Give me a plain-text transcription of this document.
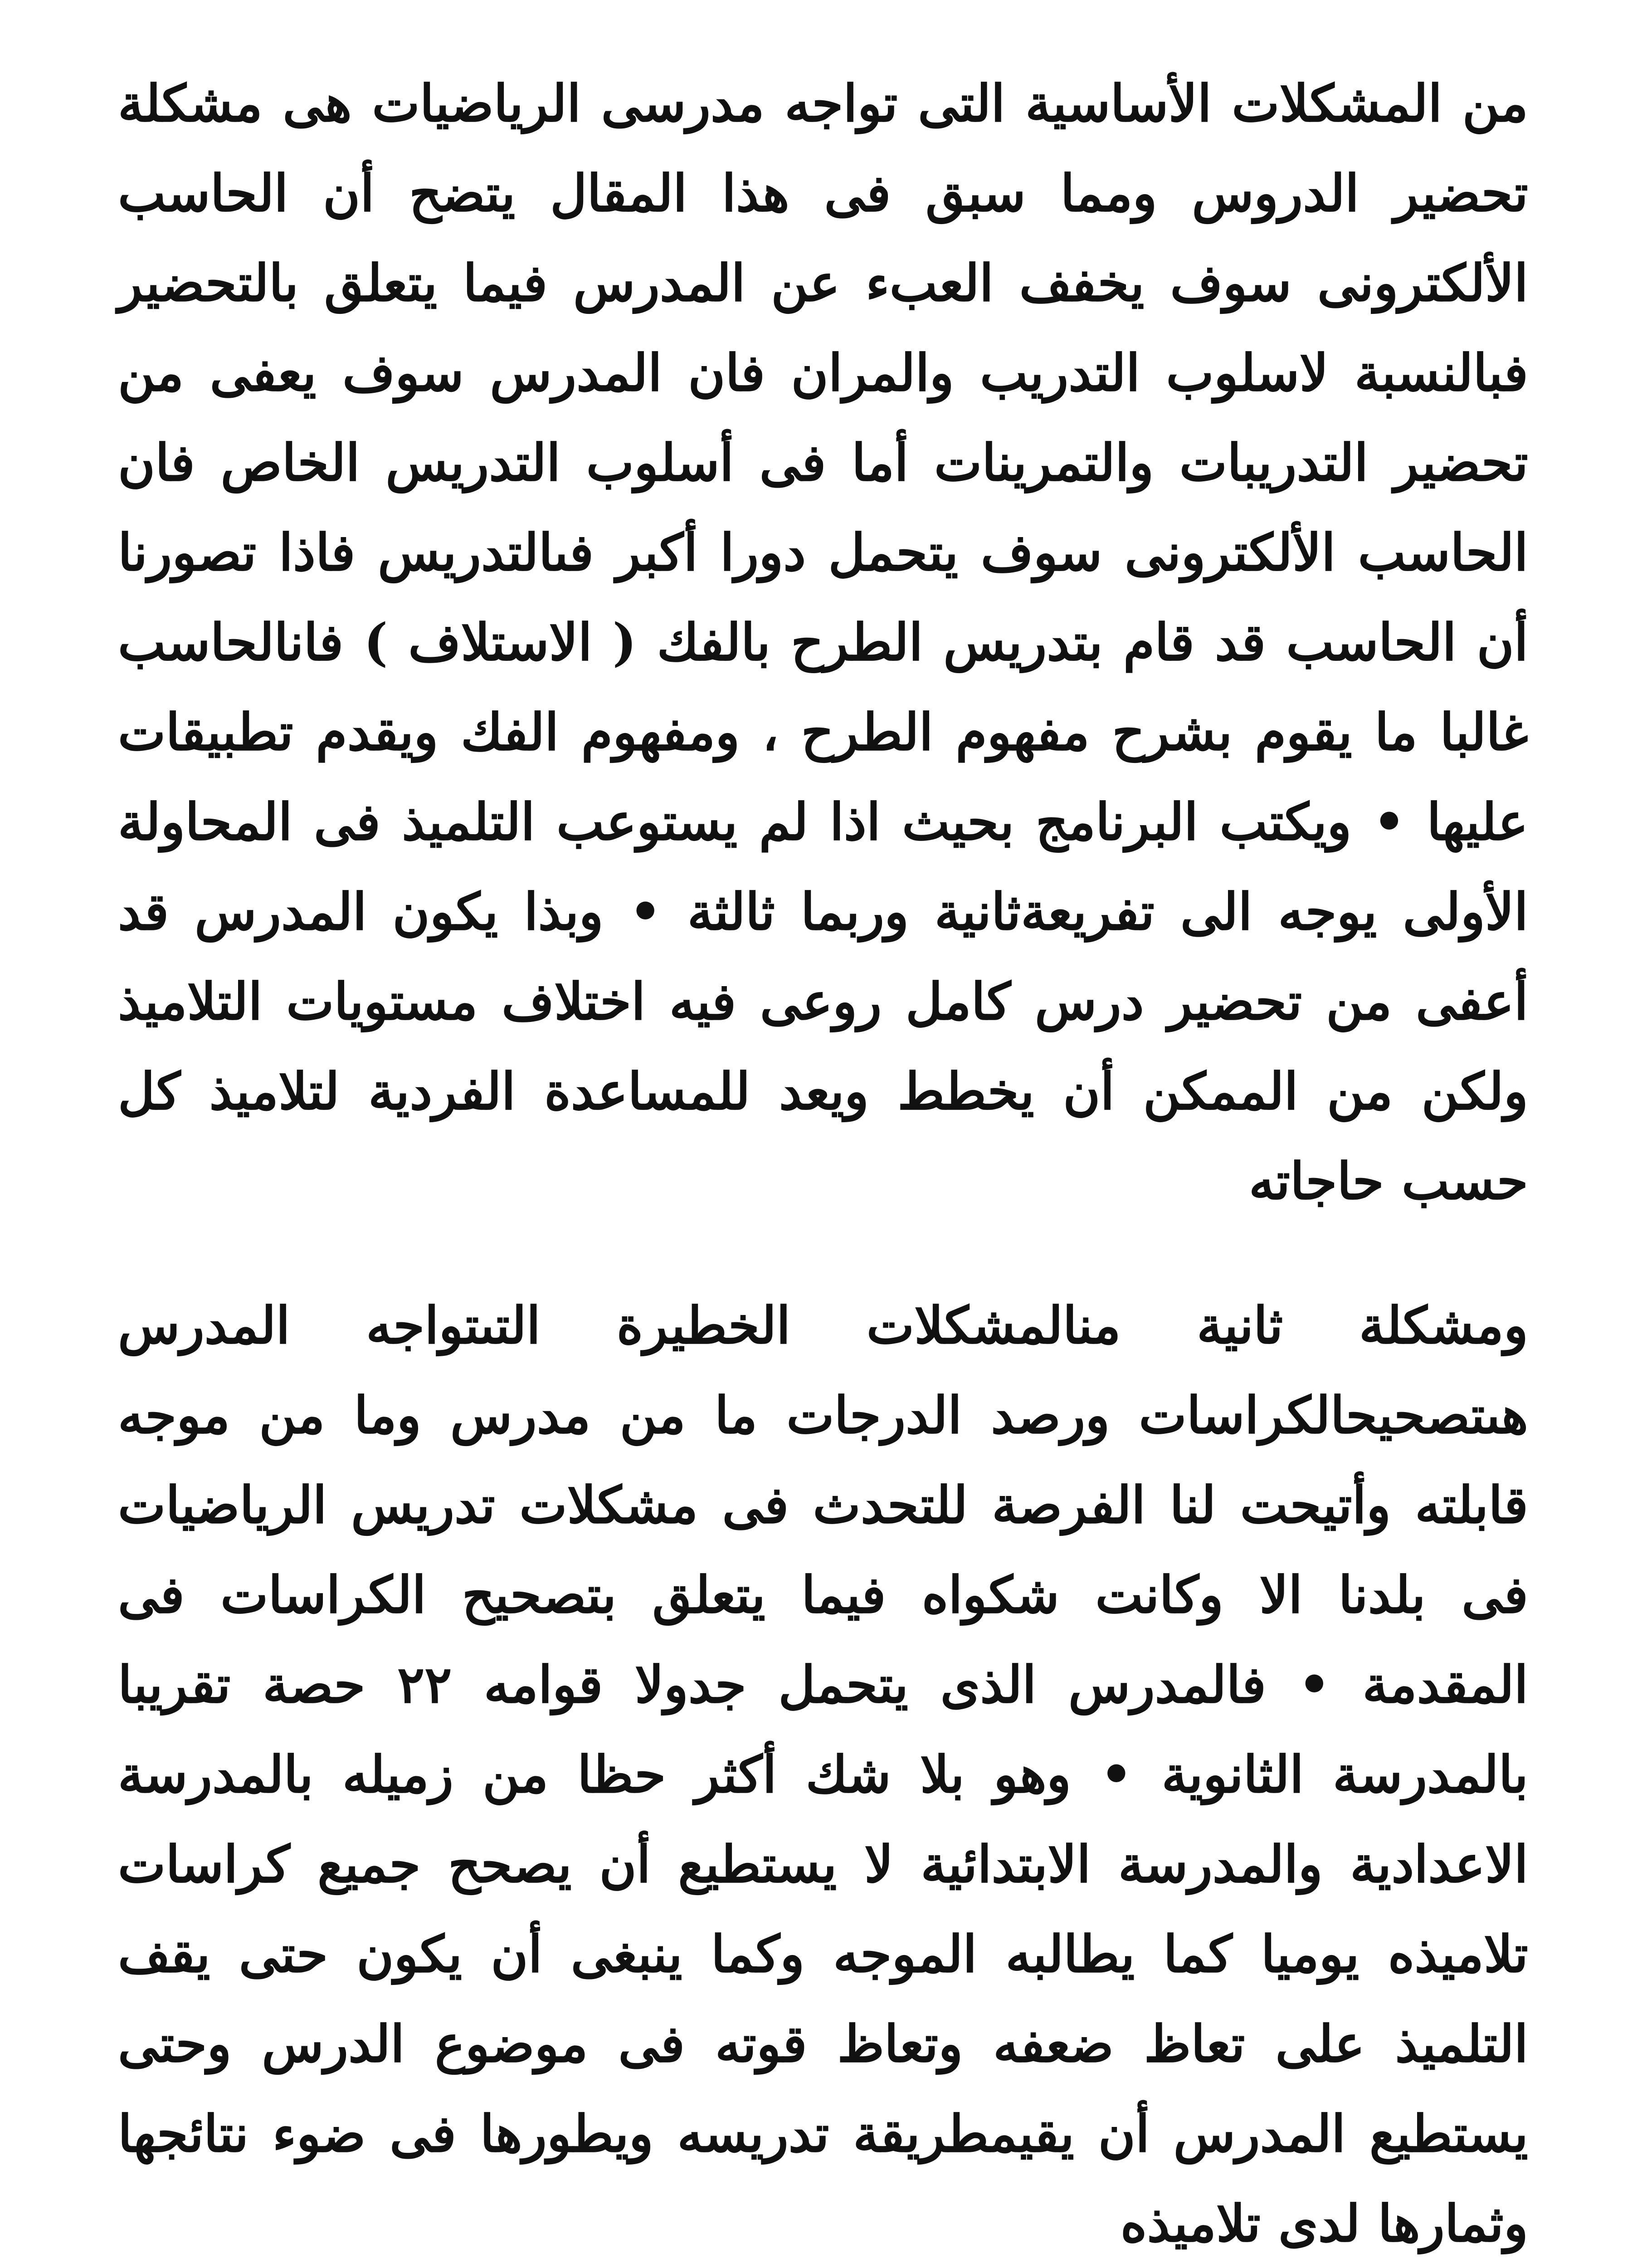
من المشكلات الأساسية التى تواجه مدرسى الرياضيات هى مشكلة تحضير الدروس ومما سبق فى هذا المقال يتضح أن الحاسب الألكترونى سوف يخفف العبء عن المدرس فيما يتعلق بالتحضير فبالنسبة لاسلوب التدريب والمران فان المدرس سوف يعفى من تحضير التدريبات والتمرينات أما فى أسلوب التدريس الخاص فان الحاسب الألكترونى سوف يتحمل دورا أكبر فىالتدريس فاذا تصورنا أن الحاسب قد قام بتدريس الطرح بالفك ( الاستلاف ) فانالحاسب غالبا ما يقوم بشرح مفهوم الطرح ، ومفهوم الفك ويقدم تطبيقات عليها • ويكتب البرنامج بحيث اذا لم يستوعب التلميذ فى المحاولة الأولى يوجه الى تفريعةثانية وربما ثالثة • وبذا يكون المدرس قد أعفى من تحضير درس كامل روعى فيه اختلاف مستويات التلاميذ ولكن من الممكن أن يخطط ويعد للمساعدة الفردية لتلاميذ كل حسب حاجاته

ومشكلة ثانية منالمشكلات الخطيرة التىتواجه المدرس هىتصحيحالكراسات ورصد الدرجات ما من مدرس وما من موجه قابلته وأتيحت لنا الفرصة للتحدث فى مشكلات تدريس الرياضيات فى بلدنا الا وكانت شكواه فيما يتعلق بتصحيح الكراسات فى المقدمة • فالمدرس الذى يتحمل جدولا قوامه ٢٢ حصة تقريبا بالمدرسة الثانوية • وهو بلا شك أكثر حظا من زميله بالمدرسة الاعدادية والمدرسة الابتدائية لا يستطيع أن يصحح جميع كراسات تلاميذه يوميا كما يطالبه الموجه وكما ينبغى أن يكون حتى يقف التلميذ على تعاظ ضعفه وتعاظ قوته فى موضوع الدرس وحتى يستطيع المدرس أن يقيمطريقة تدريسه ويطورها فى ضوء نتائجها وثمارها لدى تلاميذه
